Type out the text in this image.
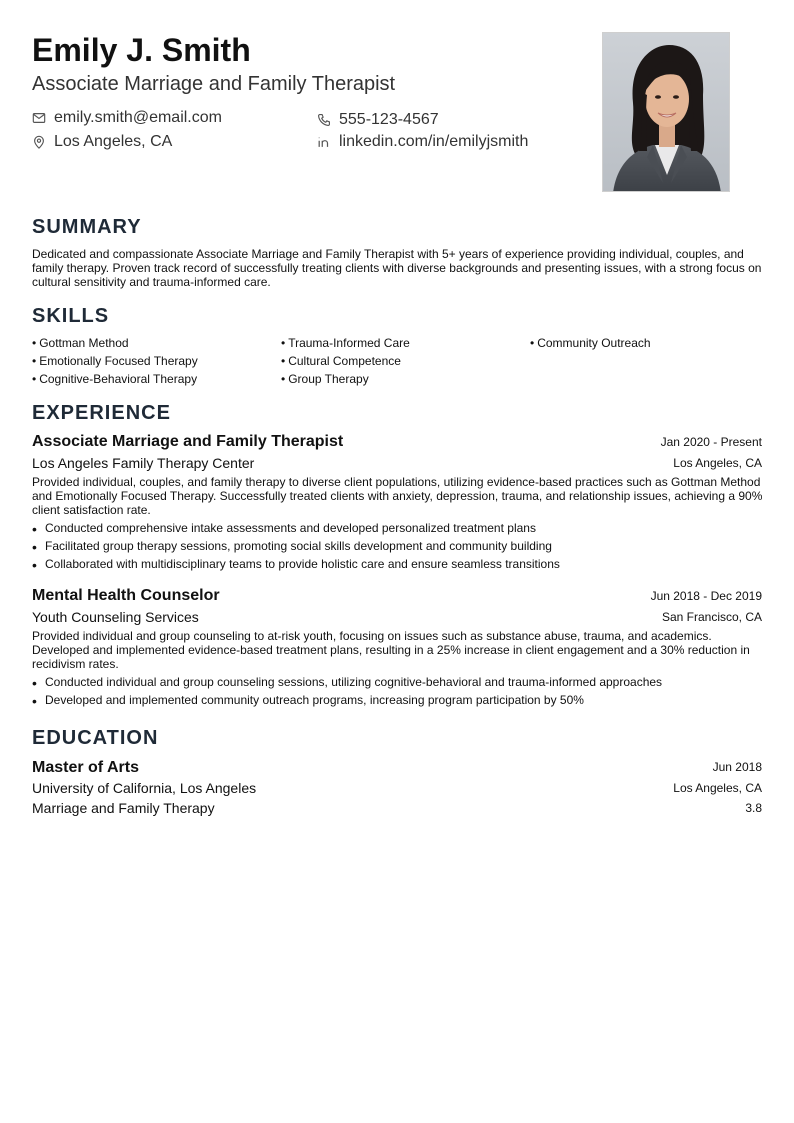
Emily J. Smith
Associate Marriage and Family Therapist
emily.smith@email.com
Los Angeles, CA
555-123-4567
linkedin.com/in/emilyjsmith
SUMMARY
Dedicated and compassionate Associate Marriage and Family Therapist with 5+ years of experience providing individual, couples, and family therapy. Proven track record of successfully treating clients with diverse backgrounds and presenting issues, with a strong focus on cultural sensitivity and trauma-informed care.
SKILLS
• Gottman Method	• Trauma-Informed Care	• Community Outreach
• Emotionally Focused Therapy	• Cultural Competence
• Cognitive-Behavioral Therapy	• Group Therapy
EXPERIENCE
Associate Marriage and Family Therapist	Jan 2020 - Present
Los Angeles Family Therapy Center	Los Angeles, CA
Provided individual, couples, and family therapy to diverse client populations, utilizing evidence-based practices such as Gottman Method and Emotionally Focused Therapy. Successfully treated clients with anxiety, depression, trauma, and relationship issues, achieving a 90% client satisfaction rate.
• Conducted comprehensive intake assessments and developed personalized treatment plans
• Facilitated group therapy sessions, promoting social skills development and community building
• Collaborated with multidisciplinary teams to provide holistic care and ensure seamless transitions
Mental Health Counselor	Jun 2018 - Dec 2019
Youth Counseling Services	San Francisco, CA
Provided individual and group counseling to at-risk youth, focusing on issues such as substance abuse, trauma, and academics. Developed and implemented evidence-based treatment plans, resulting in a 25% increase in client engagement and a 30% reduction in recidivism rates.
• Conducted individual and group counseling sessions, utilizing cognitive-behavioral and trauma-informed approaches
• Developed and implemented community outreach programs, increasing program participation by 50%
EDUCATION
Master of Arts	Jun 2018
University of California, Los Angeles	Los Angeles, CA
Marriage and Family Therapy	3.8
